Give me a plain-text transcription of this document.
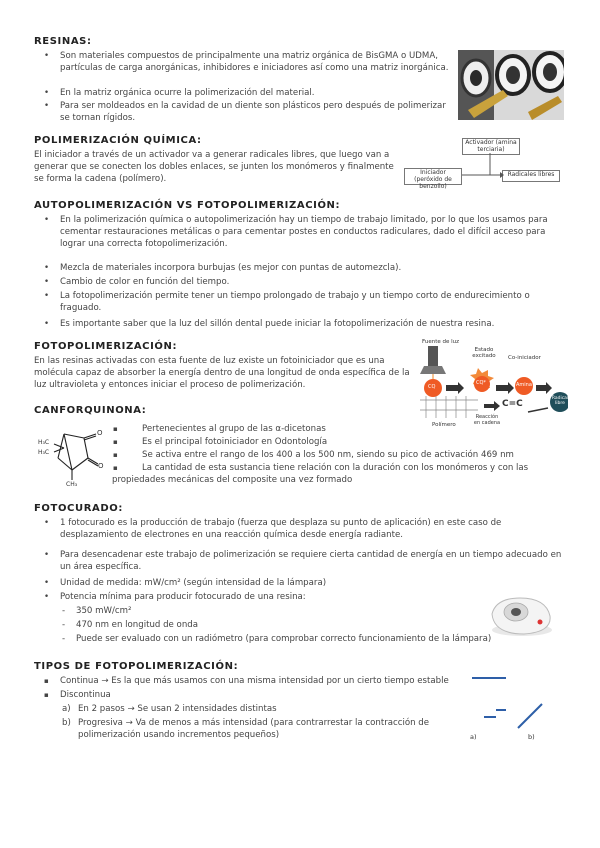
RESINAS:
• Son materiales compuestos de principalmente una matriz orgánica de BisGMA o UDMA, partículas de carga anorgánicas, inhibidores e iniciadores así como una matriz inorgánica.
• En la matriz orgánica ocurre la polimerización del material.
• Para ser moldeados en la cavidad de un diente son plásticos pero después de polimerizar se tornan rígidos.
POLIMERIZACIÓN QUÍMICA:
El iniciador a través de un activador va a generar radicales libres, que luego van a generar que se conecten los dobles enlaces, se junten los monómeros y finalmente se forma la cadena (polímero).
Activador (amina terciaria)
Iniciador (peróxido de benzoilo)
Radicales libres
AUTOPOLIMERIZACIÓN VS FOTOPOLIMERIZACIÓN:
• En la polimerización química o autopolimerización hay un tiempo de trabajo limitado, por lo que los usamos para cementar restauraciones metálicas o para cementar postes en conductos radiculares, dado el difícil acceso para lograr una correcta fotopolimerización.
• Mezcla de materiales incorpora burbujas (es mejor con puntas de automezcla).
• Cambio de color en función del tiempo.
• La fotopolimerización permite tener un tiempo prolongado de trabajo y un tiempo corto de endurecimiento o fraguado.
• Es importante saber que la luz del sillón dental puede iniciar la fotopolimerización de nuestra resina.
FOTOPOLIMERIZACIÓN:
En las resinas activadas con esta fuente de luz existe un fotoiniciador que es una molécula capaz de absorber la energía dentro de una longitud de onda específica de la luz ultravioleta y entonces iniciar el proceso de polimerización.
Fuente de luz
Estado excitado Co-iniciador
CQ
CQ*	Amina
Radical libre
C=C
Reacción en cadena
Polímero
CANFORQUINONA:
O
O
H₃C
H₃C
CH₃
▪	Pertenecientes al grupo de las α-dicetonas
▪	Es el principal fotoiniciador en Odontología
▪	Se activa entre el rango de los 400 a los 500 nm, siendo su pico de activación 469 nm
▪	La cantidad de esta sustancia tiene relación con la duración con los monómeros y con las propiedades mecánicas del composite una vez formado
FOTOCURADO:
• 1 fotocurado es la producción de trabajo (fuerza que desplaza su punto de aplicación) en este caso de desplazamiento de electrones en una reacción química desde energía radiante.
• Para desencadenar este trabajo de polimerización se requiere cierta cantidad de energía en un tiempo adecuado en un área específica.
• Unidad de medida: mW/cm² (según intensidad de la lámpara)
• Potencia mínima para producir fotocurado de una resina:
- 350 mW/cm²
- 470 nm en longitud de onda
- Puede ser evaluado con un radiómetro (para comprobar correcto funcionamiento de la lámpara)
TIPOS DE FOTOPOLIMERIZACIÓN:
▪ Continua → Es la que más usamos con una misma intensidad por un cierto tiempo estable
▪ Discontinua
a) En 2 pasos → Se usan 2 intensidades distintas
b) Progresiva → Va de menos a más intensidad (para contrarrestar la contracción de polimerización usando incrementos pequeños)	a)	b)
